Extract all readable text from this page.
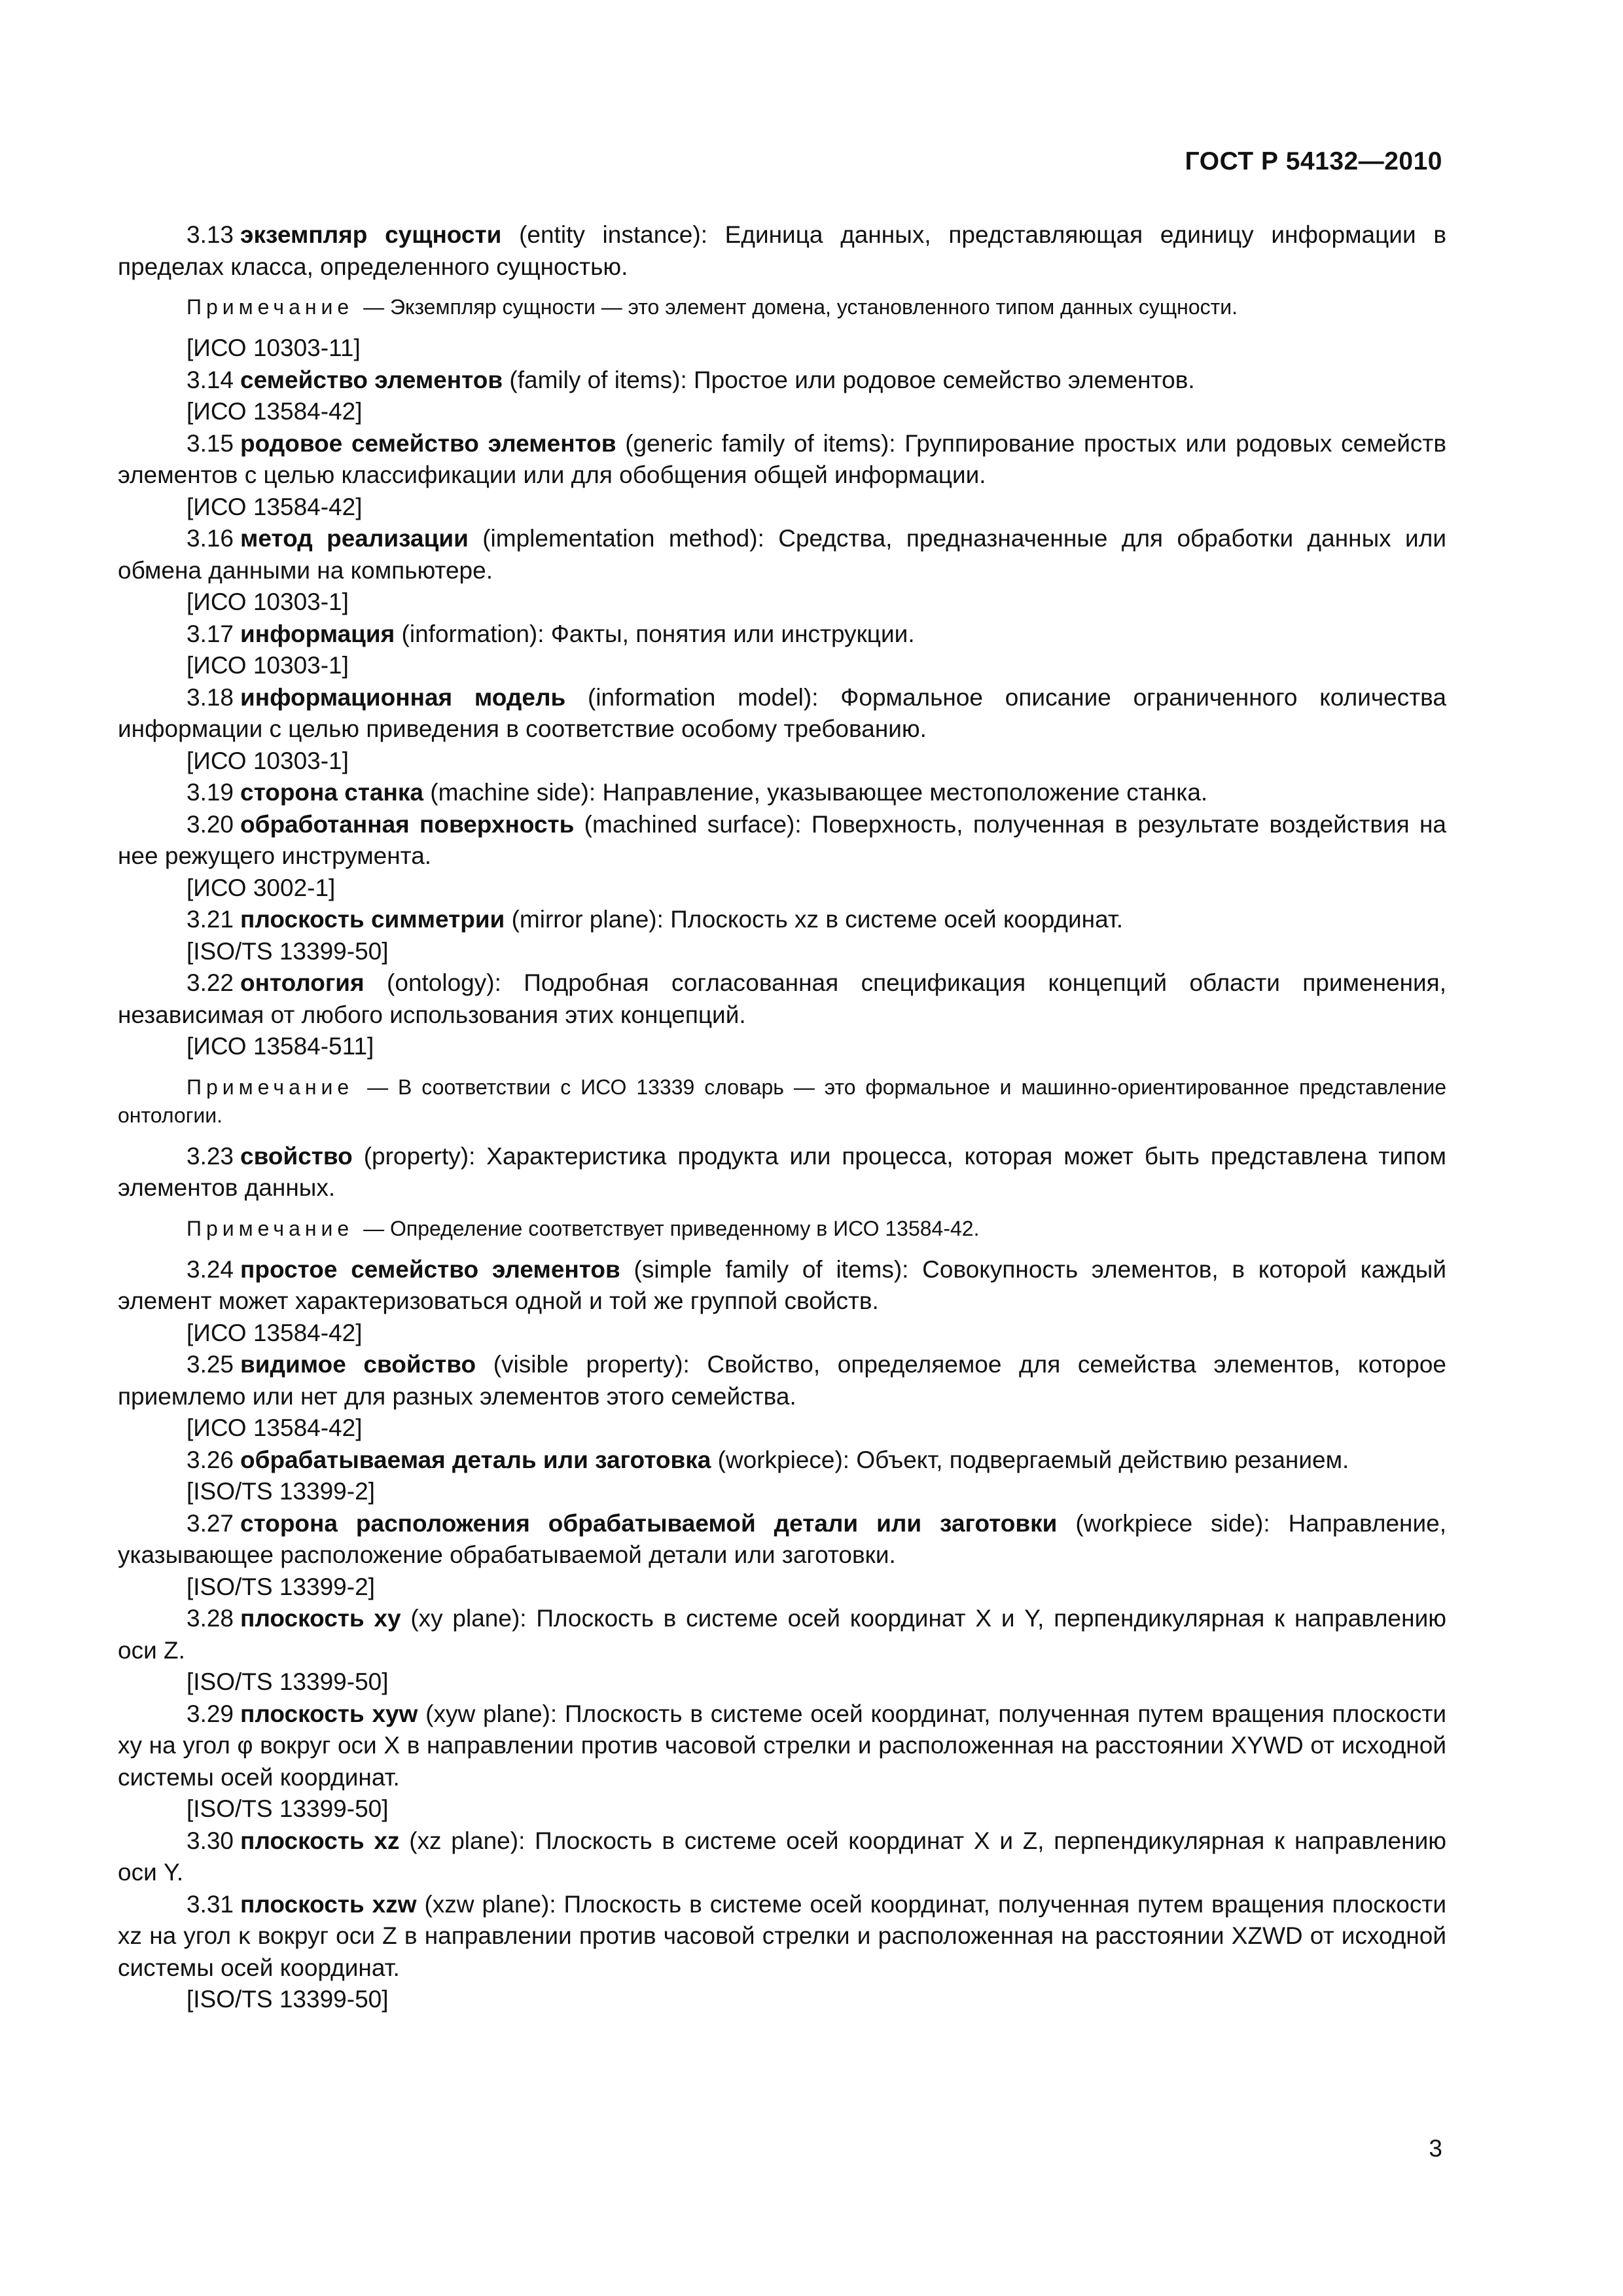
ГОСТ Р 54132—2010

3.13 экземпляр сущности (entity instance): Единица данных, представляющая единицу информации в пределах класса, определенного сущностью.

Примечание — Экземпляр сущности — это элемент домена, установленного типом данных сущности.

[ИСО 10303-11]

3.14 семейство элементов (family of items): Простое или родовое семейство элементов.

[ИСО 13584-42]

3.15 родовое семейство элементов (generic family of items): Группирование простых или родовых семейств элементов с целью классификации или для обобщения общей информации.

[ИСО 13584-42]

3.16 метод реализации (implementation method): Средства, предназначенные для обработки данных или обмена данными на компьютере.

[ИСО 10303-1]

3.17 информация (information): Факты, понятия или инструкции.

[ИСО 10303-1]

3.18 информационная модель (information model): Формальное описание ограниченного количества информации с целью приведения в соответствие особому требованию.

[ИСО 10303-1]

3.19 сторона станка (machine side): Направление, указывающее местоположение станка.

3.20 обработанная поверхность (machined surface): Поверхность, полученная в результате воздействия на нее режущего инструмента.

[ИСО 3002-1]

3.21 плоскость симметрии (mirror plane): Плоскость xz в системе осей координат.

[ISO/TS 13399-50]

3.22 онтология (ontology): Подробная согласованная спецификация концепций области применения, независимая от любого использования этих концепций.

[ИСО 13584-511]

Примечание — В соответствии с ИСО 13339 словарь — это формальное и машинно-ориентированное представление онтологии.

3.23 свойство (property): Характеристика продукта или процесса, которая может быть представлена типом элементов данных.

Примечание — Определение соответствует приведенному в ИСО 13584-42.

3.24 простое семейство элементов (simple family of items): Совокупность элементов, в которой каждый элемент может характеризоваться одной и той же группой свойств.

[ИСО 13584-42]

3.25 видимое свойство (visible property): Свойство, определяемое для семейства элементов, которое приемлемо или нет для разных элементов этого семейства.

[ИСО 13584-42]

3.26 обрабатываемая деталь или заготовка (workpiece): Объект, подвергаемый действию резанием.

[ISO/TS 13399-2]

3.27 сторона расположения обрабатываемой детали или заготовки (workpiece side): Направление, указывающее расположение обрабатываемой детали или заготовки.

[ISO/TS 13399-2]

3.28 плоскость xy (xy plane): Плоскость в системе осей координат X и Y, перпендикулярная к направлению оси Z.

[ISO/TS 13399-50]

3.29 плоскость xyw (xyw plane): Плоскость в системе осей координат, полученная путем вращения плоскости xy на угол φ вокруг оси X в направлении против часовой стрелки и расположенная на расстоянии XYWD от исходной системы осей координат.

[ISO/TS 13399-50]

3.30 плоскость xz (xz plane): Плоскость в системе осей координат X и Z, перпендикулярная к направлению оси Y.

3.31 плоскость xzw (xzw plane): Плоскость в системе осей координат, полученная путем вращения плоскости xz на угол κ вокруг оси Z в направлении против часовой стрелки и расположенная на расстоянии XZWD от исходной системы осей координат.

[ISO/TS 13399-50]

3
